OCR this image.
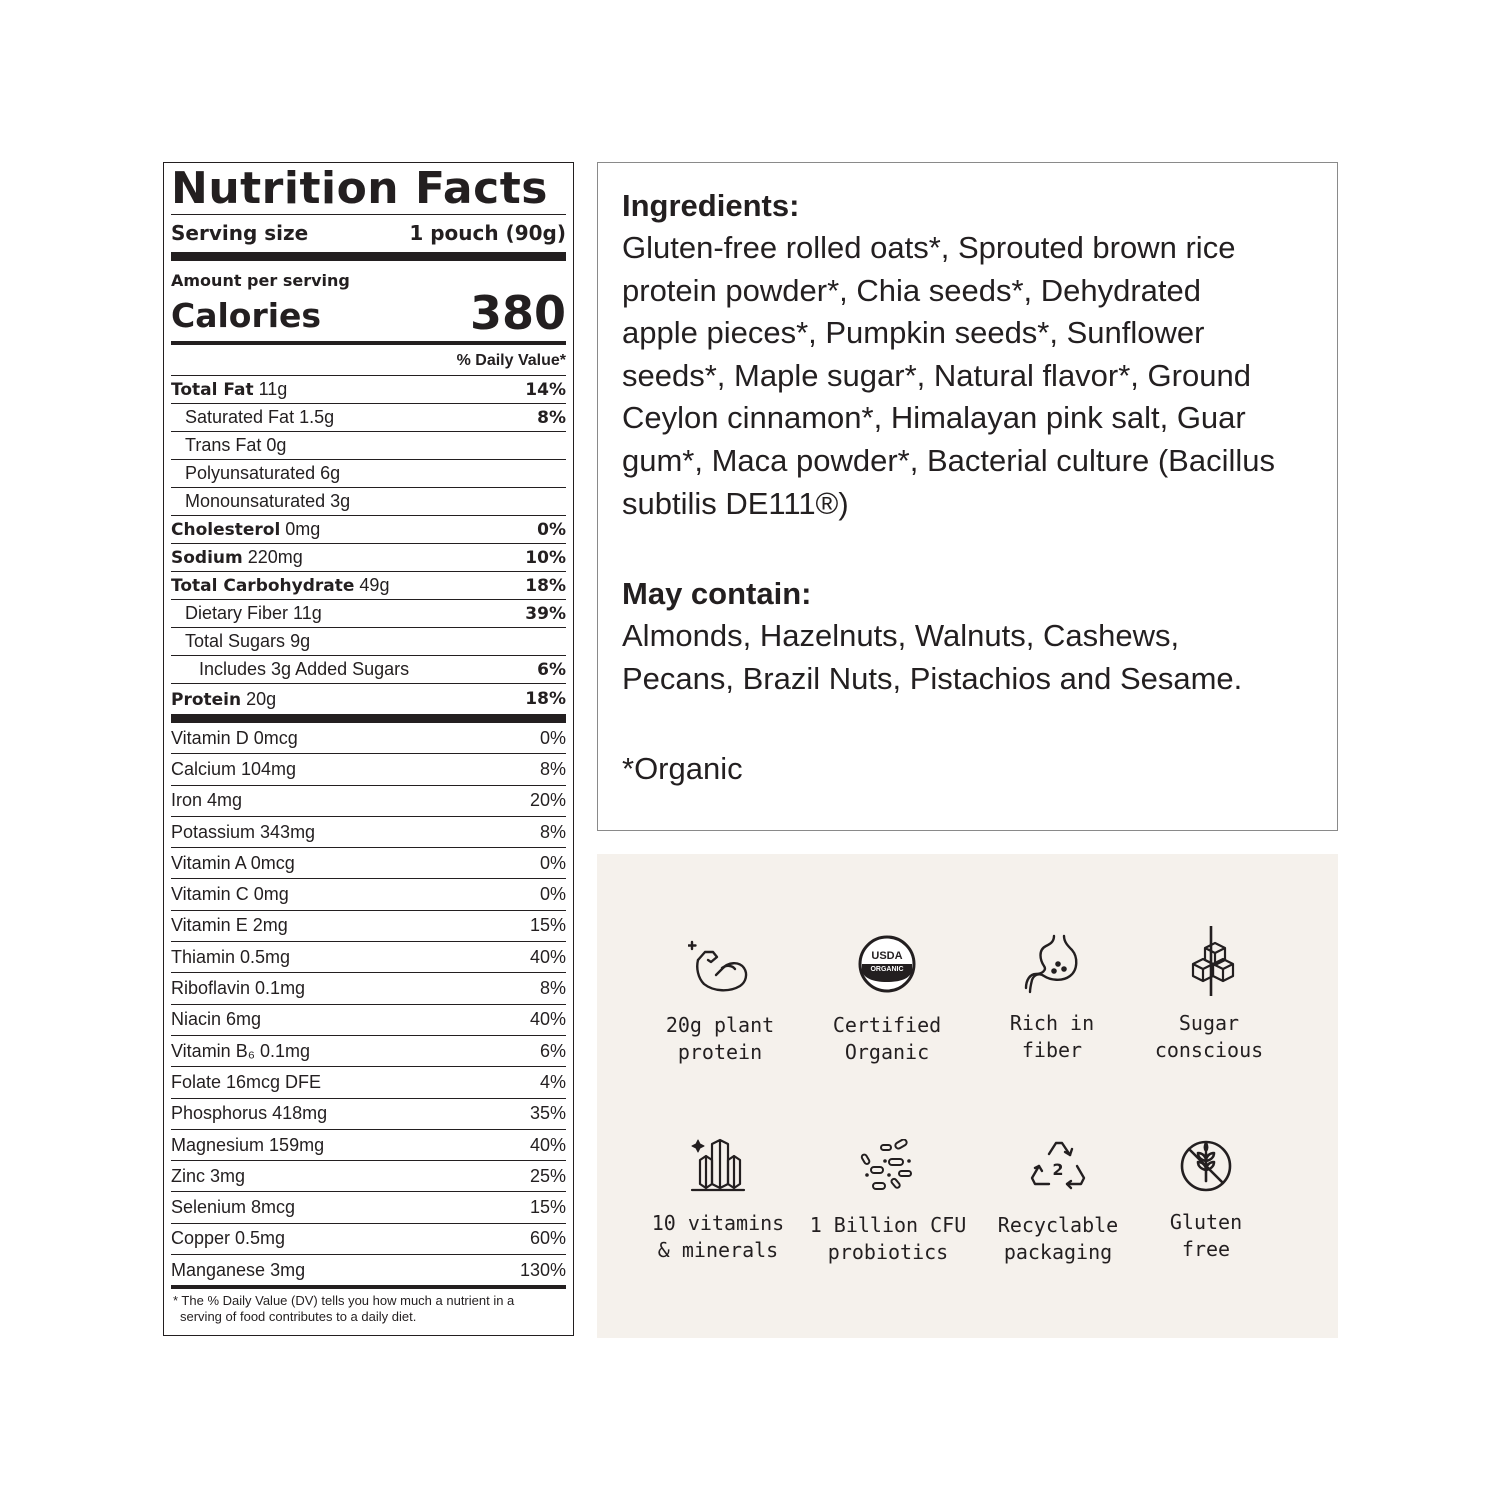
Nutrition Facts
Serving size	1 pouch (90g)
Amount per serving
Calories	380
% Daily Value*
Total Fat 11g	14%
Saturated Fat 1.5g	8%
Trans Fat 0g
Polyunsaturated 6g
Monounsaturated 3g
Cholesterol 0mg	0%
Sodium 220mg	10%
Total Carbohydrate 49g	18%
Dietary Fiber 11g	39%
Total Sugars 9g
Includes 3g Added Sugars	6%
Protein 20g	18%
Vitamin D 0mcg	0%
Calcium 104mg	8%
Iron 4mg	20%
Potassium 343mg	8%
Vitamin A 0mcg	0%
Vitamin C 0mg	0%
Vitamin E 2mg	15%
Thiamin 0.5mg	40%
Riboflavin 0.1mg	8%
Niacin 6mg	40%
Vitamin B₆ 0.1mg	6%
Folate 16mcg DFE	4%
Phosphorus 418mg	35%
Magnesium 159mg	40%
Zinc 3mg	25%
Selenium 8mcg	15%
Copper 0.5mg	60%
Manganese 3mg	130%
* The % Daily Value (DV) tells you how much a nutrient in a
serving of food contributes to a daily diet.
Ingredients:
Gluten-free rolled oats*, Sprouted brown rice
protein powder*, Chia seeds*, Dehydrated
apple pieces*, Pumpkin seeds*, Sunflower
seeds*, Maple sugar*, Natural flavor*, Ground
Ceylon cinnamon*, Himalayan pink salt, Guar
gum*, Maca powder*, Bacterial culture (Bacillus
subtilis DE111®)
May contain:
Almonds, Hazelnuts, Walnuts, Cashews,
Pecans, Brazil Nuts, Pistachios and Sesame.
*Organic
20g plant
protein
USDA
ORGANIC
Certified
Organic
Rich in
fiber
Sugar
conscious
10 vitamins
& minerals
1 Billion CFU
probiotics
2
Recyclable
packaging
Gluten
free
